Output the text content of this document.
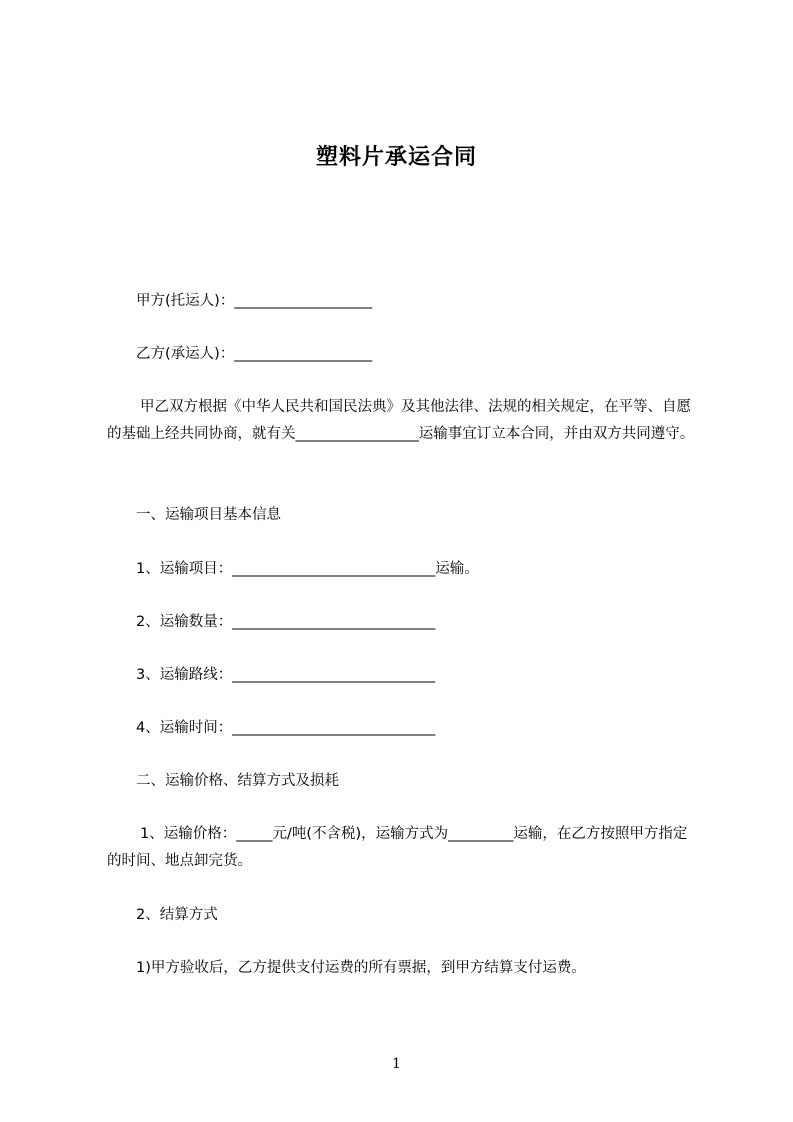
塑料片承运合同
甲方(托运人)：___________________
乙方(承运人)：___________________
甲乙双方根据《中华人民共和国民法典》及其他法律、法规的相关规定，在平等、自愿的基础上经共同协商，就有关_________________运输事宜订立本合同，并由双方共同遵守。
一、运输项目基本信息
1、运输项目：____________________________运输。
2、运输数量：____________________________
3、运输路线：____________________________
4、运输时间：____________________________
二、运输价格、结算方式及损耗
1、运输价格：_____元/吨(不含税)，运输方式为_________运输，在乙方按照甲方指定的时间、地点卸完货。
2、结算方式
1)甲方验收后，乙方提供支付运费的所有票据，到甲方结算支付运费。
1
